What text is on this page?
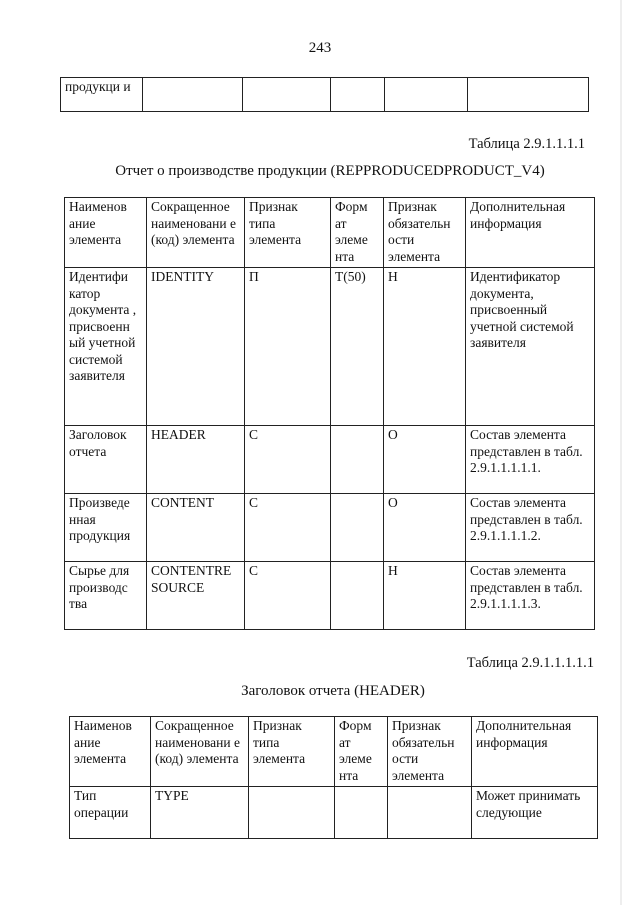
243
продукци и					
Таблица 2.9.1.1.1.1
Отчет о производстве продукции (REPPRODUCEDPRODUCT_V4)
Наименов ание элемента	Сокращенное наименовани е (код) элемента	Признак типа элемента	Форм ат элеме нта	Признак обязательн ости элемента	Дополнительная информация
Идентифи катор документа , присвоенн ый учетной системой заявителя	IDENTITY	П	T(50)	Н	Идентификатор документа, присвоенный учетной системой заявителя
Заголовок отчета	HEADER	С		О	Состав элемента представлен в табл. 2.9.1.1.1.1.1.
Произведе нная продукция	CONTENT	С		О	Состав элемента представлен в табл. 2.9.1.1.1.1.2.
Сырье для производс тва	CONTENTRE SOURCE	С		Н	Состав элемента представлен в табл. 2.9.1.1.1.1.3.
Таблица 2.9.1.1.1.1.1
Заголовок отчета (HEADER)
Наименов ание элемента	Сокращенное наименовани е (код) элемента	Признак типа элемента	Форм ат элеме нта	Признак обязательн ости элемента	Дополнительная информация
Тип операции	TYPE				Может принимать следующие
